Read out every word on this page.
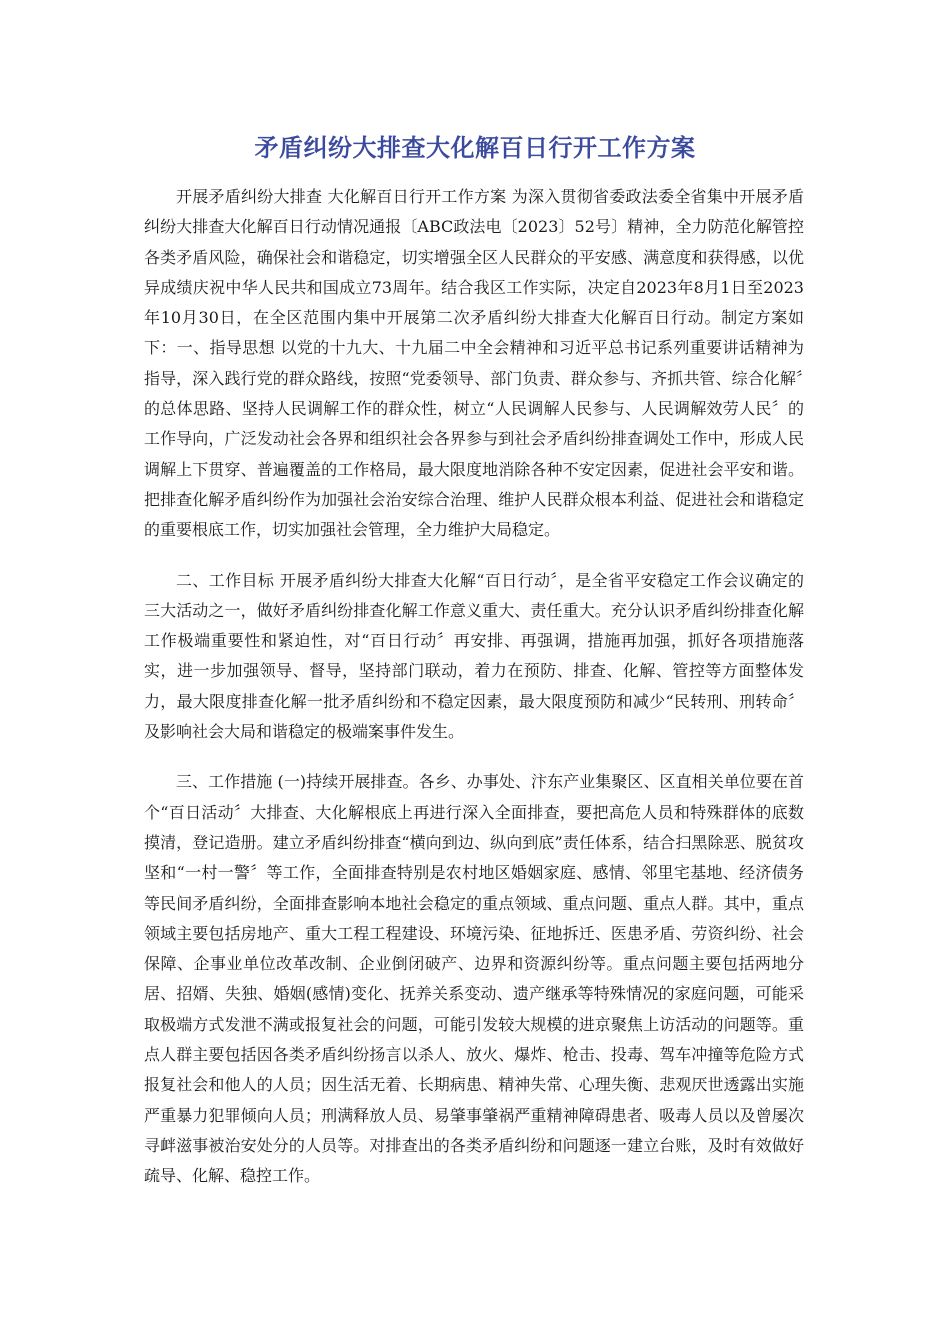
矛盾纠纷大排查大化解百日行开工作方案

开展矛盾纠纷大排查 大化解百日行开工作方案 为深入贯彻省委政法委全省集中开展矛盾纠纷大排查大化解百日行动情况通报〔ABC政法电〔2023〕52号〕精神，全力防范化解管控各类矛盾风险，确保社会和谐稳定，切实增强全区人民群众的平安感、满意度和获得感，以优异成绩庆祝中华人民共和国成立73周年。结合我区工作实际，决定自2023年8月1日至2023年10月30日，在全区范围内集中开展第二次矛盾纠纷大排查大化解百日行动。制定方案如下：一、指导思想 以党的十九大、十九届二中全会精神和习近平总书记系列重要讲话精神为指导，深入践行党的群众路线，按照“党委领导、部门负责、群众参与、齐抓共管、综合化解〞的总体思路、坚持人民调解工作的群众性，树立“人民调解人民参与、人民调解效劳人民〞的工作导向，广泛发动社会各界和组织社会各界参与到社会矛盾纠纷排查调处工作中，形成人民调解上下贯穿、普遍覆盖的工作格局，最大限度地消除各种不安定因素，促进社会平安和谐。把排查化解矛盾纠纷作为加强社会治安综合治理、维护人民群众根本利益、促进社会和谐稳定的重要根底工作，切实加强社会管理，全力维护大局稳定。

二、工作目标 开展矛盾纠纷大排查大化解“百日行动〞，是全省平安稳定工作会议确定的三大活动之一，做好矛盾纠纷排查化解工作意义重大、责任重大。充分认识矛盾纠纷排查化解工作极端重要性和紧迫性，对“百日行动〞再安排、再强调，措施再加强，抓好各项措施落实，进一步加强领导、督导，坚持部门联动，着力在预防、排查、化解、管控等方面整体发力，最大限度排查化解一批矛盾纠纷和不稳定因素，最大限度预防和减少“民转刑、刑转命〞及影响社会大局和谐稳定的极端案事件发生。

三、工作措施 (一)持续开展排查。各乡、办事处、汴东产业集聚区、区直相关单位要在首个“百日活动〞大排查、大化解根底上再进行深入全面排查，要把高危人员和特殊群体的底数摸清，登记造册。建立矛盾纠纷排查“横向到边、纵向到底”责任体系，结合扫黑除恶、脱贫攻坚和“一村一警〞等工作，全面排查特别是农村地区婚姻家庭、感情、邻里宅基地、经济债务等民间矛盾纠纷，全面排查影响本地社会稳定的重点领域、重点问题、重点人群。其中，重点领域主要包括房地产、重大工程工程建设、环境污染、征地拆迁、医患矛盾、劳资纠纷、社会保障、企事业单位改革改制、企业倒闭破产、边界和资源纠纷等。重点问题主要包括两地分居、招婿、失独、婚姻(感情)变化、抚养关系变动、遗产继承等特殊情况的家庭问题，可能采取极端方式发泄不满或报复社会的问题，可能引发较大规模的进京聚焦上访活动的问题等。重点人群主要包括因各类矛盾纠纷扬言以杀人、放火、爆炸、枪击、投毒、驾车冲撞等危险方式报复社会和他人的人员；因生活无着、长期病患、精神失常、心理失衡、悲观厌世透露出实施严重暴力犯罪倾向人员；刑满释放人员、易肇事肇祸严重精神障碍患者、吸毒人员以及曾屡次寻衅滋事被治安处分的人员等。对排查出的各类矛盾纠纷和问题逐一建立台账，及时有效做好疏导、化解、稳控工作。
